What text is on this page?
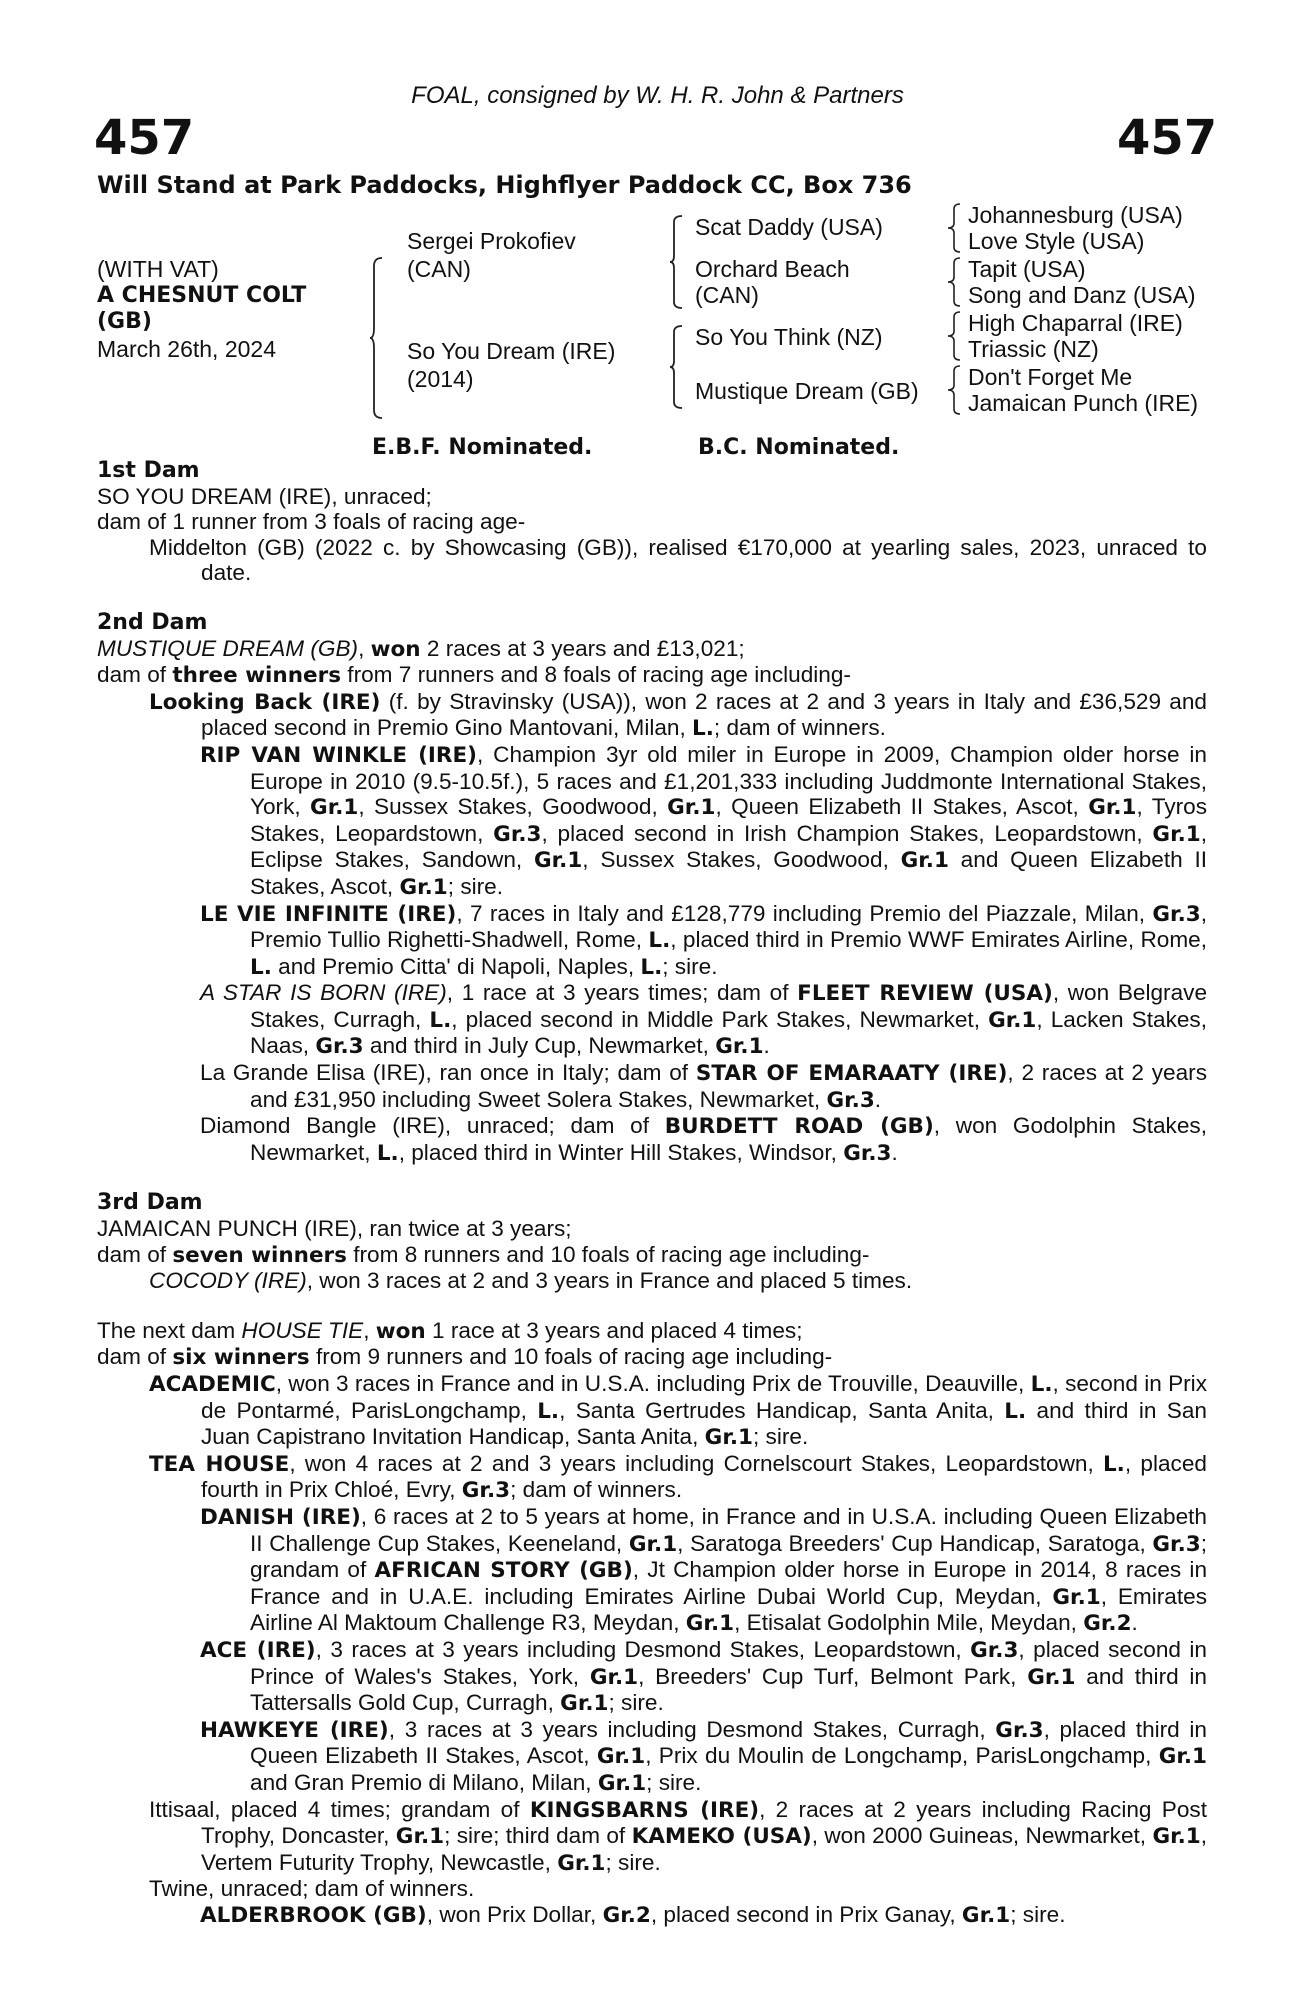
FOAL, consigned by W. H. R. John & Partners
457	457
Will Stand at Park Paddocks, Highflyer Paddock CC, Box 736
(WITH VAT)
A CHESNUT COLT
(GB)
March 26th, 2024
Sergei Prokofiev
(CAN)
So You Dream (IRE)
(2014)
Scat Daddy (USA)
Orchard Beach
(CAN)
So You Think (NZ)
Mustique Dream (GB)
Johannesburg (USA)
Love Style (USA)
Tapit (USA)
Song and Danz (USA)
High Chaparral (IRE)
Triassic (NZ)
Don't Forget Me
Jamaican Punch (IRE)
E.B.F. Nominated.	B.C. Nominated.

1st Dam

SO YOU DREAM (IRE), unraced;

dam of 1 runner from 3 foals of racing age-

Middelton (GB) (2022 c. by Showcasing (GB)), realised €170,000 at yearling sales, 2023, unraced to date.

2nd Dam

MUSTIQUE DREAM (GB), won 2 races at 3 years and £13,021;

dam of three winners from 7 runners and 8 foals of racing age including-

Looking Back (IRE) (f. by Stravinsky (USA)), won 2 races at 2 and 3 years in Italy and £36,529 and placed second in Premio Gino Mantovani, Milan, L.; dam of winners.

RIP VAN WINKLE (IRE), Champion 3yr old miler in Europe in 2009, Champion older horse in Europe in 2010 (9.5-10.5f.), 5 races and £1,201,333 including Juddmonte International Stakes, York, Gr.1, Sussex Stakes, Goodwood, Gr.1, Queen Elizabeth II Stakes, Ascot, Gr.1, Tyros Stakes, Leopardstown, Gr.3, placed second in Irish Champion Stakes, Leopardstown, Gr.1, Eclipse Stakes, Sandown, Gr.1, Sussex Stakes, Goodwood, Gr.1 and Queen Elizabeth II Stakes, Ascot, Gr.1; sire.

LE VIE INFINITE (IRE), 7 races in Italy and £128,779 including Premio del Piazzale, Milan, Gr.3, Premio Tullio Righetti-Shadwell, Rome, L., placed third in Premio WWF Emirates Airline, Rome, L. and Premio Citta' di Napoli, Naples, L.; sire.

A STAR IS BORN (IRE), 1 race at 3 years times; dam of FLEET REVIEW (USA), won Belgrave Stakes, Curragh, L., placed second in Middle Park Stakes, Newmarket, Gr.1, Lacken Stakes, Naas, Gr.3 and third in July Cup, Newmarket, Gr.1.

La Grande Elisa (IRE), ran once in Italy; dam of STAR OF EMARAATY (IRE), 2 races at 2 years and £31,950 including Sweet Solera Stakes, Newmarket, Gr.3.

Diamond Bangle (IRE), unraced; dam of BURDETT ROAD (GB), won Godolphin Stakes, Newmarket, L., placed third in Winter Hill Stakes, Windsor, Gr.3.

3rd Dam

JAMAICAN PUNCH (IRE), ran twice at 3 years;

dam of seven winners from 8 runners and 10 foals of racing age including-

COCODY (IRE), won 3 races at 2 and 3 years in France and placed 5 times.

The next dam HOUSE TIE, won 1 race at 3 years and placed 4 times;

dam of six winners from 9 runners and 10 foals of racing age including-

ACADEMIC, won 3 races in France and in U.S.A. including Prix de Trouville, Deauville, L., second in Prix de Pontarmé, ParisLongchamp, L., Santa Gertrudes Handicap, Santa Anita, L. and third in San Juan Capistrano Invitation Handicap, Santa Anita, Gr.1; sire.

TEA HOUSE, won 4 races at 2 and 3 years including Cornelscourt Stakes, Leopardstown, L., placed fourth in Prix Chloé, Evry, Gr.3; dam of winners.

DANISH (IRE), 6 races at 2 to 5 years at home, in France and in U.S.A. including Queen Elizabeth II Challenge Cup Stakes, Keeneland, Gr.1, Saratoga Breeders' Cup Handicap, Saratoga, Gr.3; grandam of AFRICAN STORY (GB), Jt Champion older horse in Europe in 2014, 8 races in France and in U.A.E. including Emirates Airline Dubai World Cup, Meydan, Gr.1, Emirates Airline Al Maktoum Challenge R3, Meydan, Gr.1, Etisalat Godolphin Mile, Meydan, Gr.2.

ACE (IRE), 3 races at 3 years including Desmond Stakes, Leopardstown, Gr.3, placed second in Prince of Wales's Stakes, York, Gr.1, Breeders' Cup Turf, Belmont Park, Gr.1 and third in Tattersalls Gold Cup, Curragh, Gr.1; sire.

HAWKEYE (IRE), 3 races at 3 years including Desmond Stakes, Curragh, Gr.3, placed third in Queen Elizabeth II Stakes, Ascot, Gr.1, Prix du Moulin de Longchamp, ParisLongchamp, Gr.1 and Gran Premio di Milano, Milan, Gr.1; sire.

Ittisaal, placed 4 times; grandam of KINGSBARNS (IRE), 2 races at 2 years including Racing Post Trophy, Doncaster, Gr.1; sire; third dam of KAMEKO (USA), won 2000 Guineas, Newmarket, Gr.1, Vertem Futurity Trophy, Newcastle, Gr.1; sire.

Twine, unraced; dam of winners.

ALDERBROOK (GB), won Prix Dollar, Gr.2, placed second in Prix Ganay, Gr.1; sire.
